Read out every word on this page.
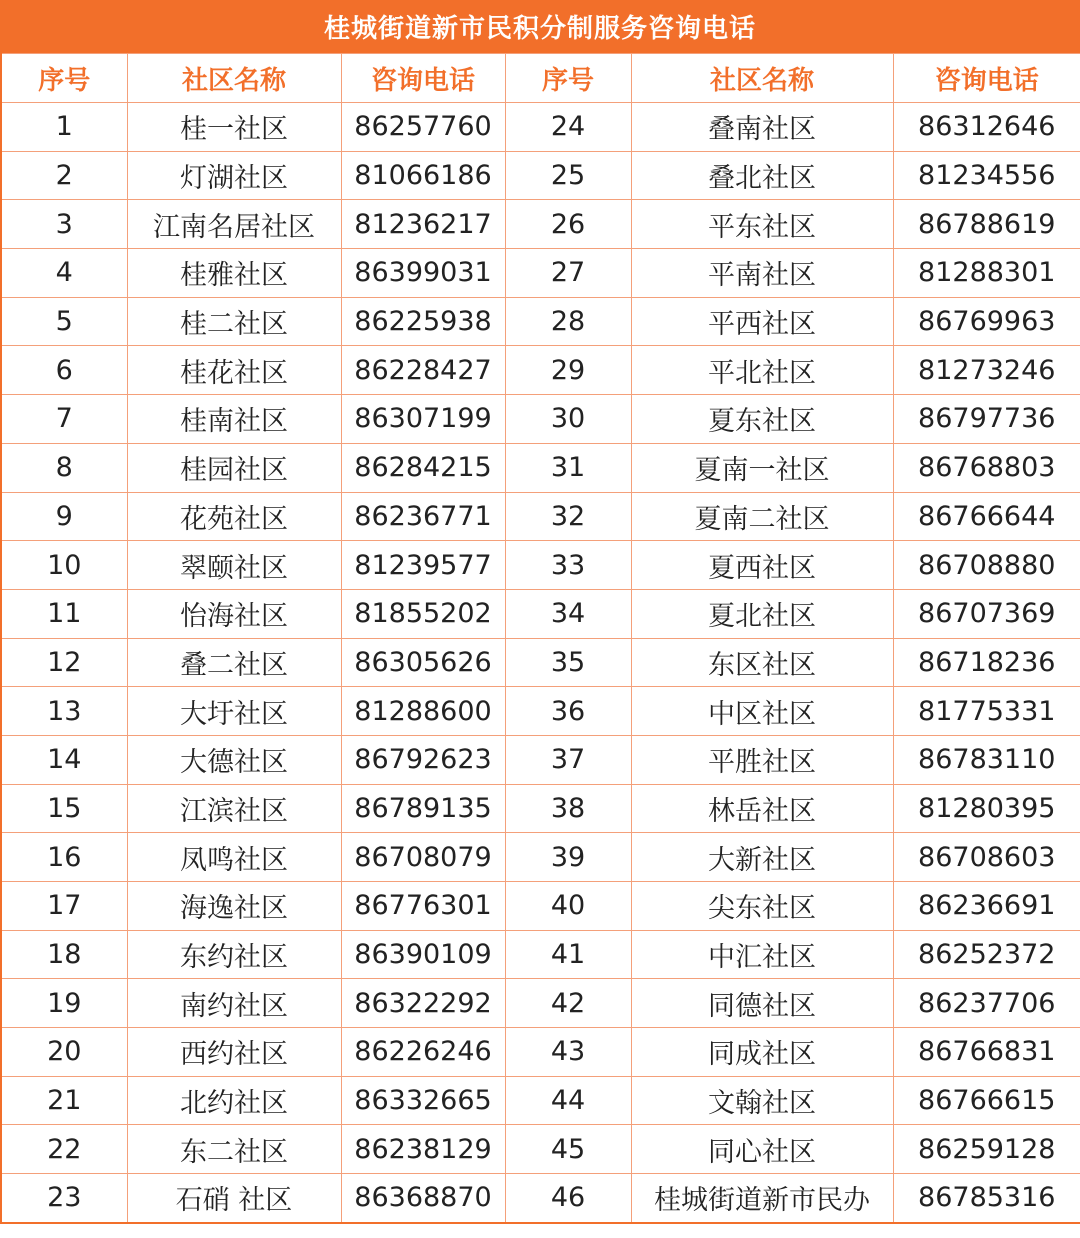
桂城街道新市民积分制服务咨询电话
序号	社区名称	咨询电话	序号	社区名称	咨询电话
1	桂一社区	86257760	24	叠南社区	86312646
2	灯湖社区	81066186	25	叠北社区	81234556
3	江南名居社区	81236217	26	平东社区	86788619
4	桂雅社区	86399031	27	平南社区	81288301
5	桂二社区	86225938	28	平西社区	86769963
6	桂花社区	86228427	29	平北社区	81273246
7	桂南社区	86307199	30	夏东社区	86797736
8	桂园社区	86284215	31	夏南一社区	86768803
9	花苑社区	86236771	32	夏南二社区	86766644
10	翠颐社区	81239577	33	夏西社区	86708880
11	怡海社区	81855202	34	夏北社区	86707369
12	叠二社区	86305626	35	东区社区	86718236
13	大圩社区	81288600	36	中区社区	81775331
14	大德社区	86792623	37	平胜社区	86783110
15	江滨社区	86789135	38	林岳社区	81280395
16	凤鸣社区	86708079	39	大新社区	86708603
17	海逸社区	86776301	40	尖东社区	86236691
18	东约社区	86390109	41	中汇社区	86252372
19	南约社区	86322292	42	同德社区	86237706
20	西约社区	86226246	43	同成社区	86766831
21	北约社区	86332665	44	文翰社区	86766615
22	东二社区	86238129	45	同心社区	86259128
23	石硝 社区	86368870	46	桂城街道新市民办	86785316
